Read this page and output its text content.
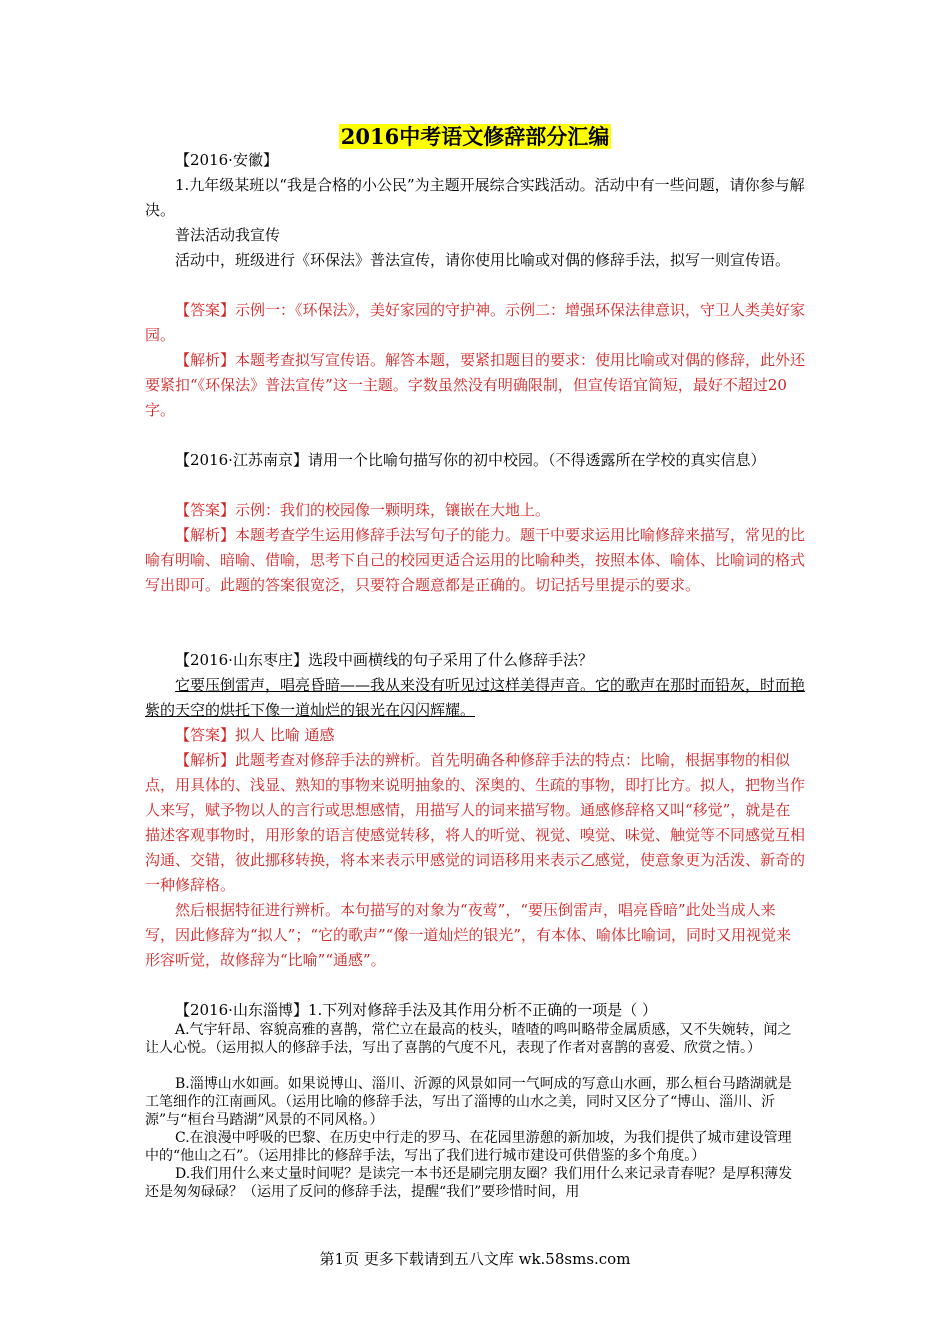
2016中考语文修辞部分汇编

【2016·安徽】

1.九年级某班以“我是合格的小公民”为主题开展综合实践活动。活动中有一些问题，请你参与解决。

普法活动我宣传

活动中，班级进行《环保法》普法宣传，请你使用比喻或对偶的修辞手法，拟写一则宣传语。

【答案】示例一：《环保法》，美好家园的守护神。示例二：增强环保法律意识，守卫人类美好家园。

【解析】本题考查拟写宣传语。解答本题，要紧扣题目的要求：使用比喻或对偶的修辞，此外还要紧扣“《环保法》普法宣传”这一主题。字数虽然没有明确限制，但宣传语宜简短，最好不超过20字。

【2016·江苏南京】请用一个比喻句描写你的初中校园。（不得透露所在学校的真实信息）

【答案】示例：我们的校园像一颗明珠，镶嵌在大地上。

【解析】本题考查学生运用修辞手法写句子的能力。题干中要求运用比喻修辞来描写，常见的比喻有明喻、暗喻、借喻，思考下自己的校园更适合运用的比喻种类，按照本体、喻体、比喻词的格式写出即可。此题的答案很宽泛，只要符合题意都是正确的。切记括号里提示的要求。

【2016·山东枣庄】选段中画横线的句子采用了什么修辞手法？

它要压倒雷声，唱亮昏暗——我从来没有听见过这样美得声音。它的歌声在那时而铅灰，时而艳紫的天空的烘托下像一道灿烂的银光在闪闪辉耀。

【答案】拟人 比喻 通感

【解析】此题考查对修辞手法的辨析。首先明确各种修辞手法的特点：比喻，根据事物的相似点，用具体的、浅显、熟知的事物来说明抽象的、深奥的、生疏的事物，即打比方。拟人，把物当作人来写，赋予物以人的言行或思想感情，用描写人的词来描写物。通感修辞格又叫“移觉”，就是在描述客观事物时，用形象的语言使感觉转移，将人的听觉、视觉、嗅觉、味觉、触觉等不同感觉互相沟通、交错，彼此挪移转换，将本来表示甲感觉的词语移用来表示乙感觉，使意象更为活泼、新奇的一种修辞格。

然后根据特征进行辨析。本句描写的对象为“夜莺”，“要压倒雷声，唱亮昏暗”此处当成人来写，因此修辞为“拟人”；“它的歌声”“像一道灿烂的银光”，有本体、喻体比喻词，同时又用视觉来形容听觉，故修辞为“比喻”“通感”。

【2016·山东淄博】1.下列对修辞手法及其作用分析不正确的一项是（ ）

A.气宇轩昂、容貌高雅的喜鹊，常伫立在最高的枝头，喳喳的鸣叫略带金属质感，又不失婉转，闻之让人心悦。（运用拟人的修辞手法，写出了喜鹊的气度不凡，表现了作者对喜鹊的喜爱、欣赏之情。）

B.淄博山水如画。如果说博山、淄川、沂源的风景如同一气呵成的写意山水画，那么桓台马踏湖就是工笔细作的江南画风。（运用比喻的修辞手法，写出了淄博的山水之美，同时又区分了“博山、淄川、沂源”与“桓台马踏湖”风景的不同风格。）

C.在浪漫中呼吸的巴黎、在历史中行走的罗马、在花园里游憩的新加坡，为我们提供了城市建设管理中的“他山之石”。（运用排比的修辞手法，写出了我们进行城市建设可供借鉴的多个角度。）

D.我们用什么来丈量时间呢？是读完一本书还是刷完朋友圈？我们用什么来记录青春呢？是厚积薄发还是匆匆碌碌？（运用了反问的修辞手法，提醒“我们”要珍惜时间，用

第1页 更多下载请到五八文库 wk.58sms.com
